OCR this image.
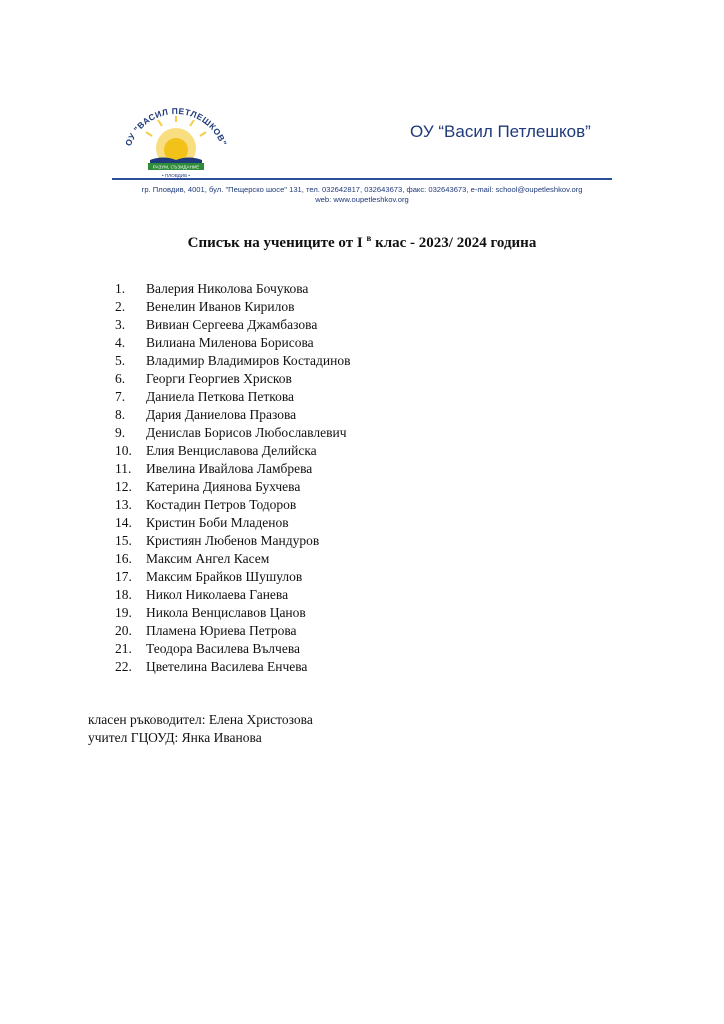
ОУ "ВАСИЛ ПЕТЛЕШКОВ"
РАЗУМ, СЪЗИДАНИЕ
• ПЛОВДИВ •
ОУ “Васил Петлешков”
гр. Пловдив, 4001, бул. "Пещерско шосе" 131, тел. 032642817, 032643673, факс: 032643673, e-mail: school@oupetleshkov.org
web: www.oupetleshkov.org
Списък на учениците от I $^в$ клас - 2023/ 2024 година
1. Валерия Николова Бочукова
2. Венелин Иванов Кирилов
3. Вивиан Сергеева Джамбазова
4. Вилиана Миленова Борисова
5. Владимир Владимиров Костадинов
6. Георги Георгиев Хрисков
7. Даниела Петкова Петкова
8. Дария Даниелова Празова
9. Денислав Борисов Любославлевич
10. Елия Венциславова Делийска
11. Ивелина Ивайлова Ламбрева
12. Катерина Диянова Бухчева
13. Костадин Петров Тодоров
14. Кристин Боби Младенов
15. Кристиян Любенов Мандуров
16. Максим Ангел Касем
17. Максим Брайков Шушулов
18. Никол Николаева Ганева
19. Никола Венциславов Цанов
20. Пламена Юриева Петрова
21. Теодора Василева Вълчева
22. Цветелина Василева Енчева
класен ръководител: Елена Христозова
учител ГЦОУД: Янка Иванова
